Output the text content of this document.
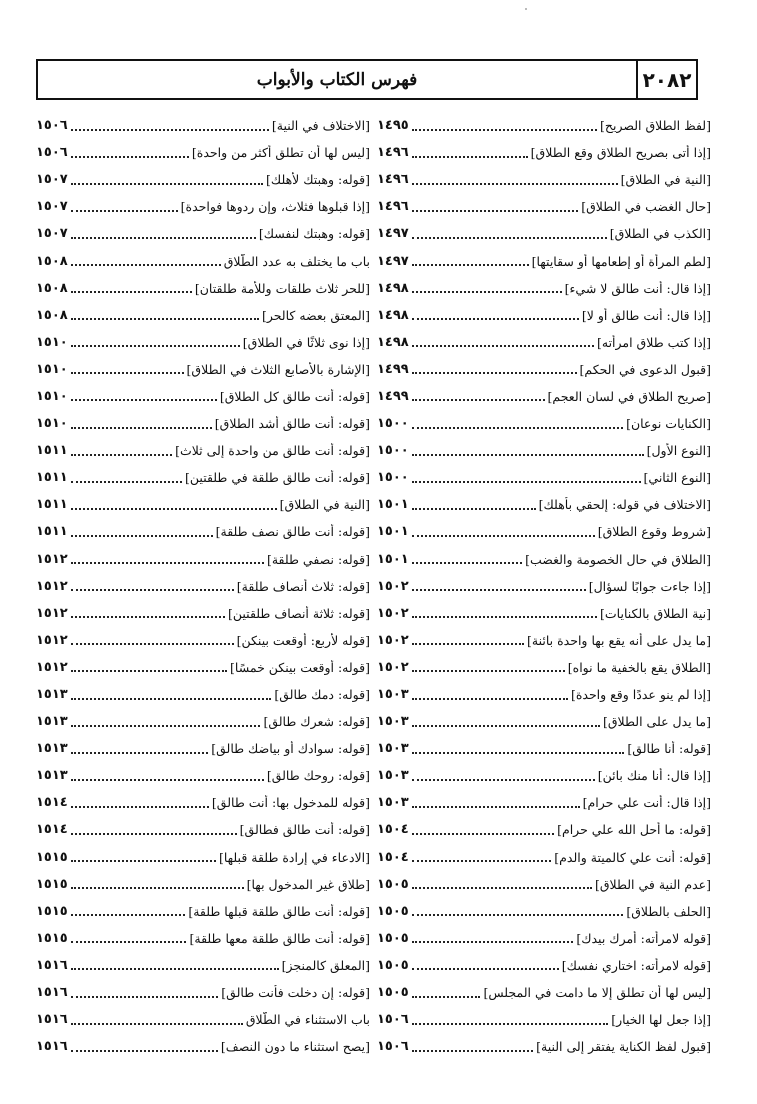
فهرس الكتاب والأبواب	٢٠٨٢
[لفظ الطلاق الصريح]
١٤٩٥
[إذا أتى بصريح الطلاق وقع الطلاق]
١٤٩٦
[النية في الطلاق]
١٤٩٦
[حال الغضب في الطلاق]
١٤٩٦
[الكذب في الطلاق]
١٤٩٧
[لطم المرأة أو إطعامها أو سقايتها]
١٤٩٧
[إذا قال: أنت طالق لا شيء]
١٤٩٨
[إذا قال: أنت طالق أو لا]
١٤٩٨
[إذا كتب طلاق امرأته]
١٤٩٨
[قبول الدعوى في الحكم]
١٤٩٩
[صريح الطلاق في لسان العجم]
١٤٩٩
[الكنايات نوعان]
١٥٠٠
[النوع الأول]
١٥٠٠
[النوع الثاني]
١٥٠٠
[الاختلاف في قوله: إلحقي بأهلك]
١٥٠١
[شروط وقوع الطلاق]
١٥٠١
[الطلاق في حال الخصومة والغضب]
١٥٠١
[إذا جاءت جوابًا لسؤال]
١٥٠٢
[نية الطلاق بالكنايات]
١٥٠٢
[ما يدل على أنه يقع بها واحدة بائنة]
١٥٠٢
[الطلاق يقع بالخفية ما نواه]
١٥٠٢
[إذا لم ينو عددًا وقع واحدة]
١٥٠٣
[ما يدل على الطلاق]
١٥٠٣
[قوله: أنا طالق]
١٥٠٣
[إذا قال: أنا منك بائن]
١٥٠٣
[إذا قال: أنت علي حرام]
١٥٠٣
[قوله: ما أحل الله علي حرام]
١٥٠٤
[قوله: أنت علي كالميتة والدم]
١٥٠٤
[عدم النية في الطلاق]
١٥٠٥
[الحلف بالطلاق]
١٥٠٥
[قوله لامرأته: أمرك بيدك]
١٥٠٥
[قوله لامرأته: اختاري نفسك]
١٥٠٥
[ليس لها أن تطلق إلا ما دامت في المجلس]
١٥٠٥
[إذا جعل لها الخيار]
١٥٠٦
[قبول لفظ الكناية يفتقر إلى النية]
١٥٠٦
[الاختلاف في النية]
١٥٠٦
[ليس لها أن تطلق أكثر من واحدة]
١٥٠٦
[قوله: وهبتك لأهلك]
١٥٠٧
[إذا قبلوها فثلاث، وإن ردوها فواحدة]
١٥٠٧
[قوله: وهبتك لنفسك]
١٥٠٧
باب ما يختلف به عدد الطَّلاق
١٥٠٨
[للحر ثلاث طلقات وللأمة طلقتان]
١٥٠٨
[المعتق بعضه كالحر]
١٥٠٨
[إذا نوى ثلاثًا في الطلاق]
١٥١٠
[الإشارة بالأصابع الثلاث في الطلاق]
١٥١٠
[قوله: أنت طالق كل الطلاق]
١٥١٠
[قوله: أنت طالق أشد الطلاق]
١٥١٠
[قوله: أنت طالق من واحدة إلى ثلاث]
١٥١١
[قوله: أنت طالق طلقة في طلقتين]
١٥١١
[النية في الطلاق]
١٥١١
[قوله: أنت طالق نصف طلقة]
١٥١١
[قوله: نصفي طلقة]
١٥١٢
[قوله: ثلاث أنصاف طلقة]
١٥١٢
[قوله: ثلاثة أنصاف طلقتين]
١٥١٢
[قوله لأربع: أوقعت بينكن]
١٥١٢
[قوله: أوقعت بينكن خمسًا]
١٥١٢
[قوله: دمك طالق]
١٥١٣
[قوله: شعرك طالق]
١٥١٣
[قوله: سوادك أو بياضك طالق]
١٥١٣
[قوله: روحك طالق]
١٥١٣
[قوله للمدخول بها: أنت طالق]
١٥١٤
[قوله: أنت طالق فطالق]
١٥١٤
[الادعاء في إرادة طلقة قبلها]
١٥١٥
[طلاق غير المدخول بها]
١٥١٥
[قوله: أنت طالق طلقة قبلها طلقة]
١٥١٥
[قوله: أنت طالق طلقة معها طلقة]
١٥١٥
[المعلق كالمنجز]
١٥١٦
[قوله: إن دخلت فأنت طالق]
١٥١٦
باب الاستثناء في الطَّلاق
١٥١٦
[يصح استثناء ما دون النصف]
١٥١٦
